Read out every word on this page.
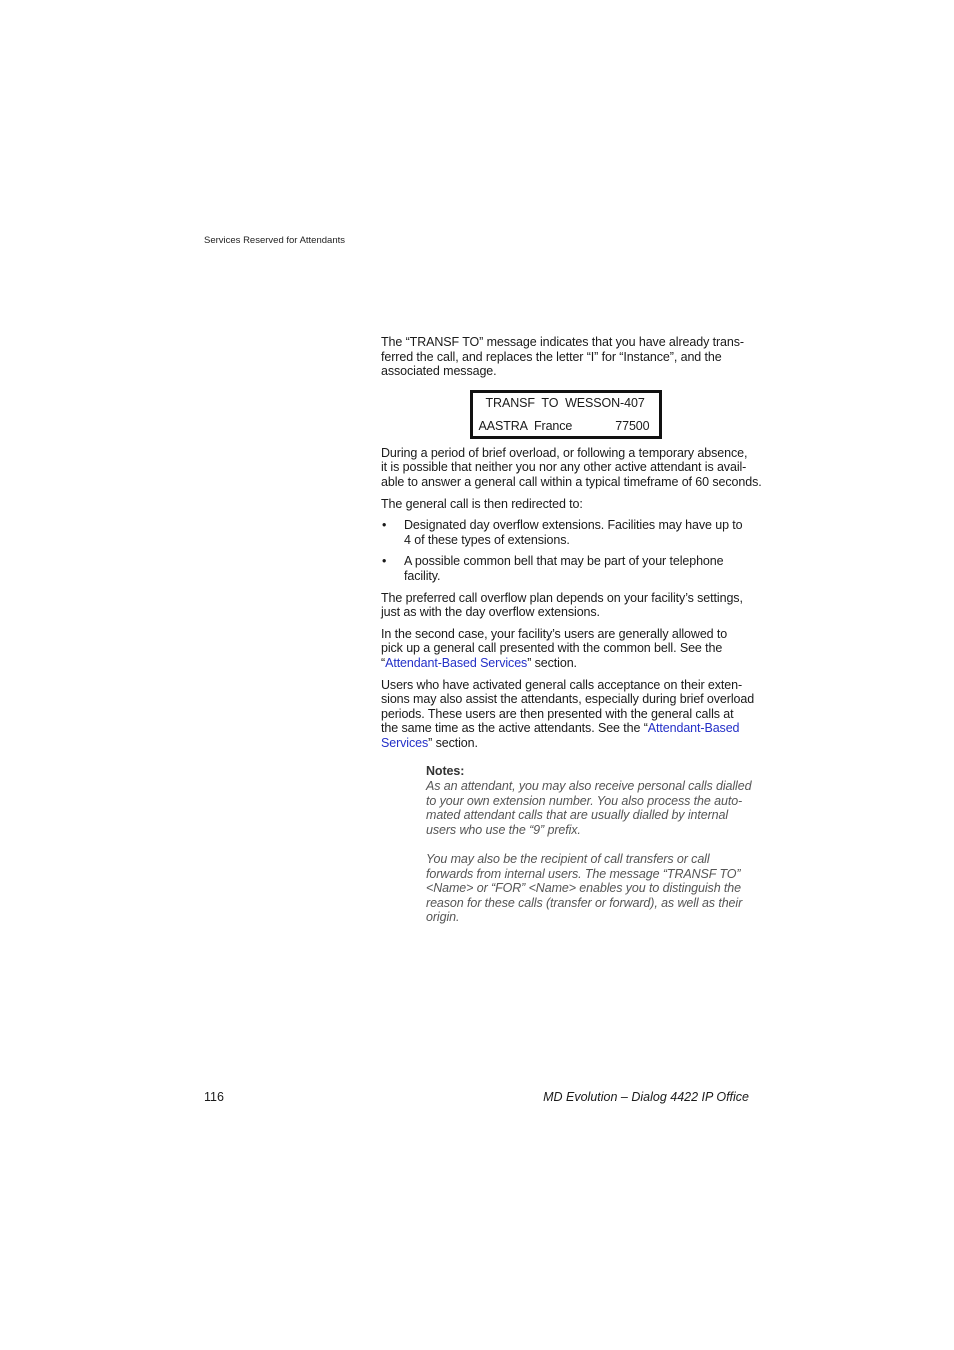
Services Reserved for Attendants

The “TRANSF TO” message indicates that you have already trans-
ferred the call, and replaces the letter “I” for “Instance”, and the
associated message.

TRANSF  TO  WESSON-407
AASTRA  France	77500

During a period of brief overload, or following a temporary absence,
it is possible that neither you nor any other active attendant is avail-
able to answer a general call within a typical timeframe of 60 seconds.

The general call is then redirected to:

• Designated day overflow extensions. Facilities may have up to
4 of these types of extensions.
• A possible common bell that may be part of your telephone
facility.

The preferred call overflow plan depends on your facility’s settings,
just as with the day overflow extensions.

In the second case, your facility’s users are generally allowed to
pick up a general call presented with the common bell. See the
“Attendant-Based Services” section.

Users who have activated general calls acceptance on their exten-
sions may also assist the attendants, especially during brief overload
periods. These users are then presented with the general calls at
the same time as the active attendants. See the “Attendant-Based
Services” section.

Notes:
As an attendant, you may also receive personal calls dialled
to your own extension number. You also process the auto-
mated attendant calls that are usually dialled by internal
users who use the “9” prefix.
You may also be the recipient of call transfers or call
forwards from internal users. The message “TRANSF TO”
<Name> or “FOR” <Name> enables you to distinguish the
reason for these calls (transfer or forward), as well as their
origin.
116	MD Evolution – Dialog 4422 IP Office
